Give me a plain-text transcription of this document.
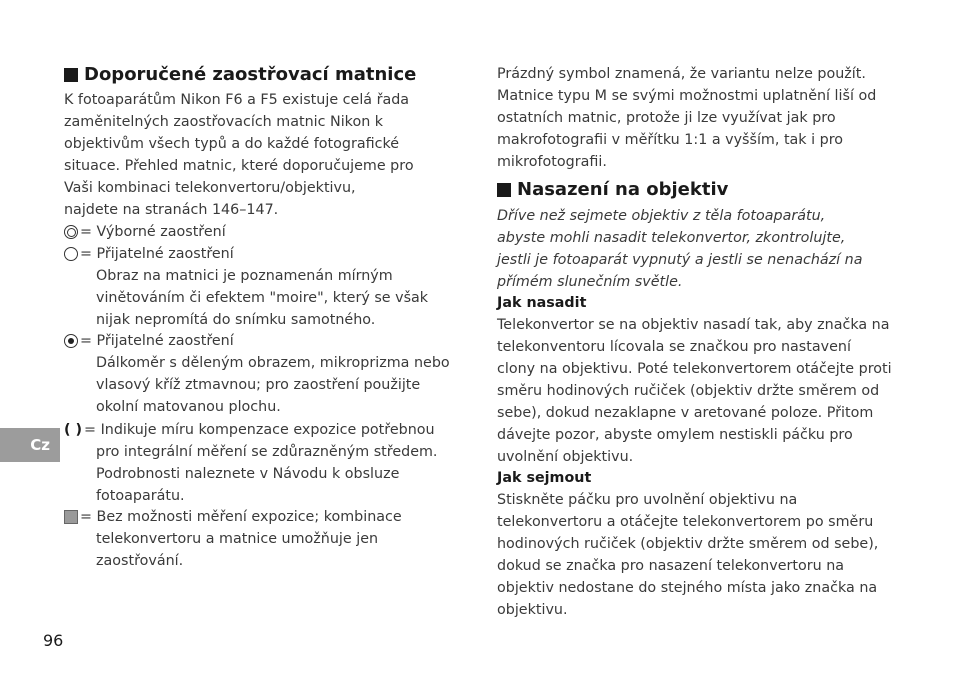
Doporučené zaostřovací matnice
K fotoaparátům Nikon F6 a F5 existuje celá řada zaměnitelných zaostřovacích matnic Nikon k objektivům všech typů a do každé fotografické situace. Přehled matnic, které doporučujeme pro Vaši kombinaci telekonvertoru/objektivu, najdete na stranách 146–147.
= Výborné zaostření
= Přijatelné zaostření
Obraz na matnici je poznamenán mírným vinětováním či efektem "moire", který se však nijak nepromítá do snímku samotného.
= Přijatelné zaostření
Dálkoměr s děleným obrazem, mikroprizma nebo vlasový kříž ztmavnou; pro zaostření použijte okolní matovanou plochu.
( ) = Indikuje míru kompenzace expozice potřebnou
pro integrální měření se zdůrazněným středem. Podrobnosti naleznete v Návodu k obsluze fotoaparátu.
= Bez možnosti měření expozice; kombinace
telekonvertoru a matnice umožňuje jen zaostřování.
Prázdný symbol znamená, že variantu nelze použít. Matnice typu M se svými možnostmi uplatnění liší od ostatních matnic, protože ji lze využívat jak pro makrofotografii v měřítku 1:1 a vyšším, tak i pro mikrofotografii.
Nasazení na objektiv
Dříve než sejmete objektiv z těla fotoaparátu, abyste mohli nasadit telekonvertor, zkontrolujte, jestli je fotoaparát vypnutý a jestli se nenachází na přímém slunečním světle.
Jak nasadit
Telekonvertor se na objektiv nasadí tak, aby značka na telekonventoru lícovala se značkou pro nastavení clony na objektivu. Poté telekonvertorem otáčejte proti směru hodinových ručiček (objektiv držte směrem od sebe), dokud nezaklapne v aretované poloze. Přitom dávejte pozor, abyste omylem nestiskli páčku pro uvolnění objektivu.
Jak sejmout
Stiskněte páčku pro uvolnění objektivu na telekonvertoru a otáčejte telekonvertorem po směru hodinových ručiček (objektiv držte směrem od sebe), dokud se značka pro nasazení telekonvertoru na objektiv nedostane do stejného místa jako značka na objektivu.
Cz
96
